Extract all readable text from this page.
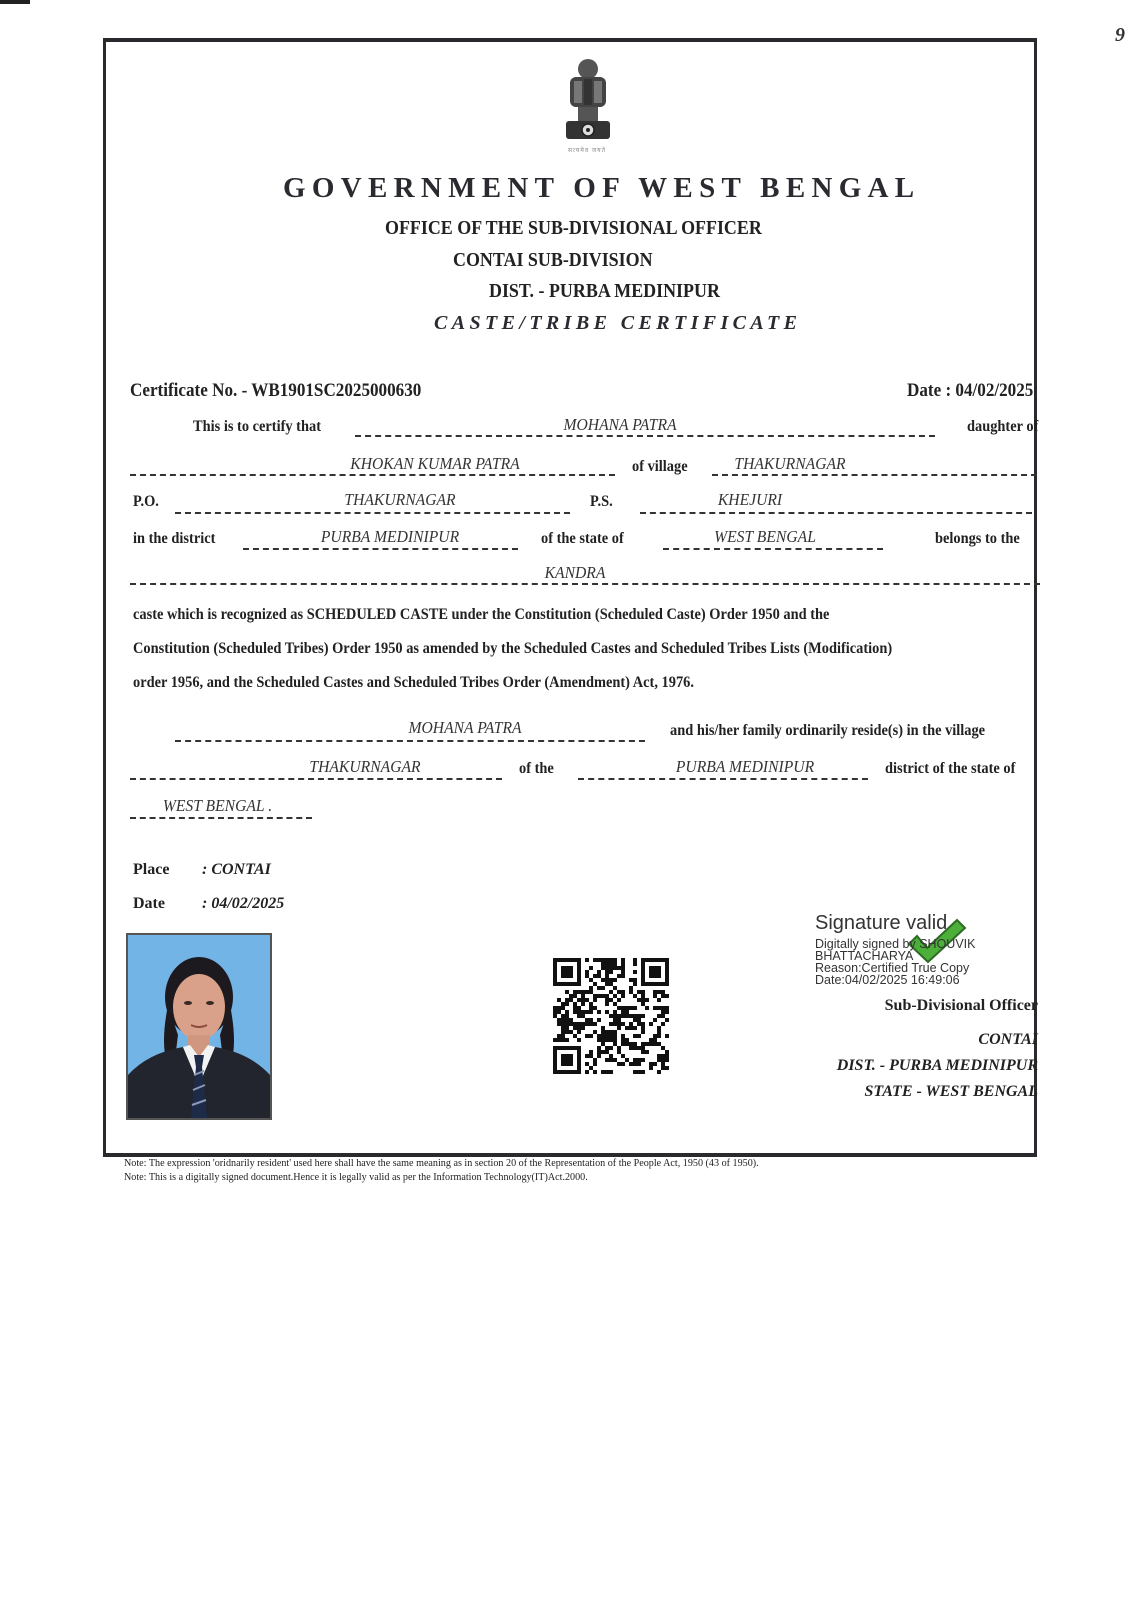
9
सत्यमेव जयते
GOVERNMENT OF WEST BENGAL
OFFICE OF THE SUB-DIVISIONAL OFFICER
CONTAI SUB-DIVISION
DIST. - PURBA MEDINIPUR
CASTE/TRIBE CERTIFICATE
Certificate No. - WB1901SC2025000630	Date : 04/02/2025
This is to certify that	MOHANA PATRA	daughter of
KHOKAN KUMAR PATRA	of village	THAKURNAGAR
P.O.	THAKURNAGAR	P.S.	KHEJURI
in the district	PURBA MEDINIPUR	of the state of	WEST BENGAL	belongs to the
KANDRA
caste which is recognized as SCHEDULED CASTE under the Constitution (Scheduled Caste) Order 1950 and the
Constitution (Scheduled Tribes) Order 1950 as amended by the Scheduled Castes and Scheduled Tribes Lists (Modification)
order 1956, and the Scheduled Castes and Scheduled Tribes Order (Amendment) Act, 1976.
MOHANA PATRA	and his/her family ordinarily reside(s) in the village
THAKURNAGAR	of the	PURBA MEDINIPUR	district of the state of
WEST BENGAL .
Place : CONTAI
Date : 04/02/2025
Signature valid
Digitally signed by SHOUVIK
BHATTACHARYA
Reason:Certified True Copy
Date:04/02/2025 16:49:06
Sub-Divisional Officer
CONTAI
DIST. - PURBA MEDINIPUR
STATE - WEST BENGAL
Note: The expression 'oridnarily resident' used here shall have the same meaning as in section 20 of the Representation of the People Act, 1950 (43 of 1950).
Note: This is a digitally signed document.Hence it is legally valid as per the Information Technology(IT)Act.2000.
